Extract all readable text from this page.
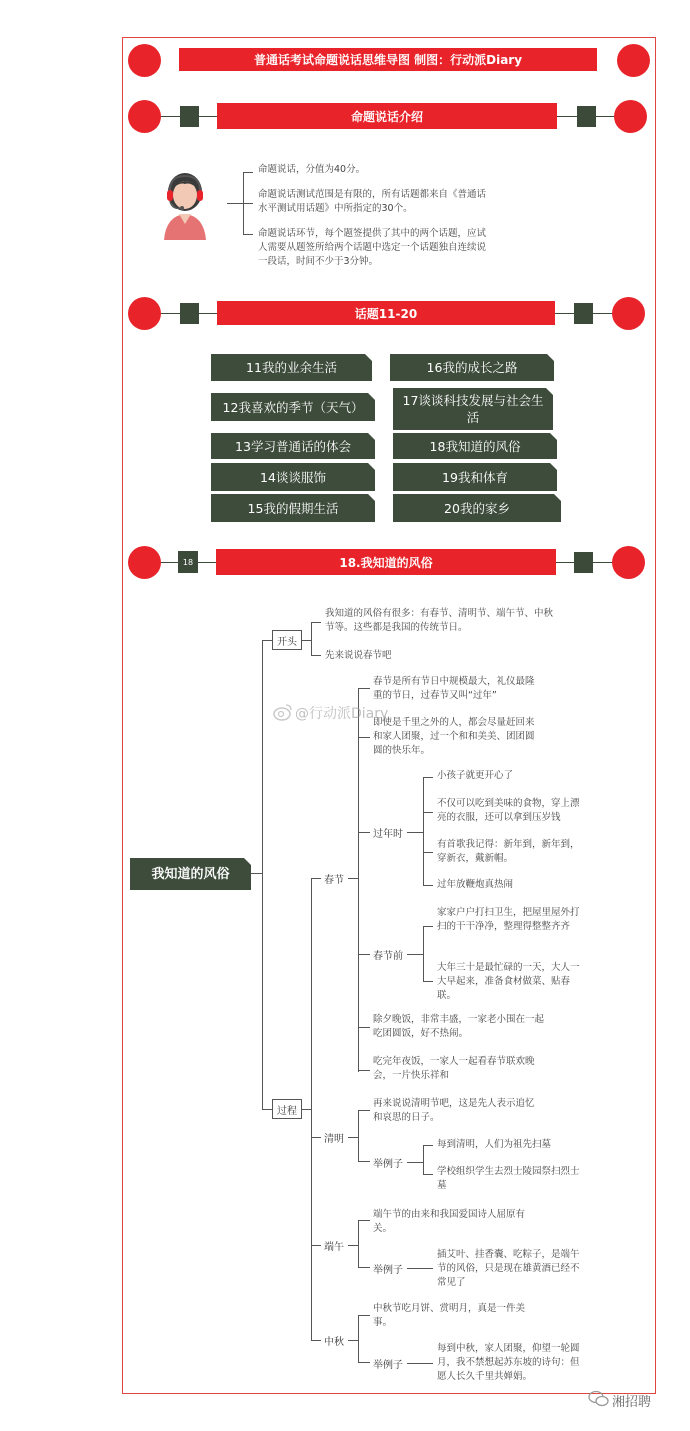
普通话考试命题说话思维导图 制图：行动派Diary
命题说话介绍
命题说话，分值为40分。
命题说话测试范围是有限的，所有话题都来自《普通话水平测试用话题》中所指定的30个。
命题说话环节，每个题签提供了其中的两个话题，应试人需要从题签所给两个话题中选定一个话题独自连续说一段话，时间不少于3分钟。
话题11-20
11我的业余生活	16我的成长之路
12我喜欢的季节（天气）	17谈谈科技发展与社会生活
13学习普通话的体会	18我知道的风俗
14谈谈服饰	19我和体育
15我的假期生活	20我的家乡
18	18.我知道的风俗
我知道的风俗
开头
我知道的风俗有很多：有春节、清明节、端午节、中秋节等。这些都是我国的传统节日。
先来说说春节吧
过程
春节
春节是所有节日中规模最大，礼仪最隆重的节日，过春节又叫“过年”
即使是千里之外的人，都会尽量赶回来和家人团聚，过一个和和美美、团团圆圆的快乐年。
过年时
小孩子就更开心了
不仅可以吃到美味的食物，穿上漂亮的衣服，还可以拿到压岁钱
有首歌我记得：新年到，新年到，穿新衣，戴新帽。
过年放鞭炮真热闹
春节前
家家户户打扫卫生，把屋里屋外打扫的干干净净，整理得整整齐齐
大年三十是最忙碌的一天，大人一大早起来，准备食材做菜、贴春联。
除夕晚饭，非常丰盛，一家老小围在一起吃团圆饭，好不热闹。
吃完年夜饭，一家人一起看春节联欢晚会，一片快乐祥和
清明
再来说说清明节吧，这是先人表示追忆和哀思的日子。
举例子
每到清明，人们为祖先扫墓
学校组织学生去烈士陵园祭扫烈士墓
端午
端午节的由来和我国爱国诗人屈原有关。
举例子
插艾叶、挂香囊、吃粽子，是端午节的风俗，只是现在雄黄酒已经不常见了
中秋
中秋节吃月饼、赏明月，真是一件美事。
举例子
每到中秋，家人团聚，仰望一轮圆月，我不禁想起苏东坡的诗句：但愿人长久千里共婵娟。
@行动派Diary
湘招聘
